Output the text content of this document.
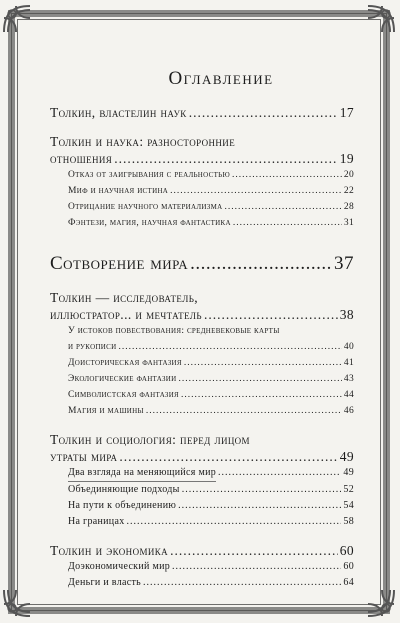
Оглавление
Толкин, властелин наук .....	17
Толкин и наука: разносторонние
отношения .....	19
Отказ от заигрывания с реальностью .....	20
Миф и научная истина .....	22
Отрицание научного материализма .....	28
Фэнтези, магия, научная фантастика .....	31
Сотворение мира .....	37
Толкин — исследователь,
иллюстратор... и мечтатель .....	38
У истоков повествования: средневековые карты
и рукописи .....	40
Доисторическая фантазия .....	41
Экологические фантазии .....	43
Символистская фантазия .....	44
Магия и машины .....	46
Толкин и социология: перед лицом
утраты мира .....	49
Два взгляда на меняющийся мир .....	49
Объединяющие подходы .....	52
На пути к объединению .....	54
На границах .....	58
Толкин и экономика .....	60
Доэкономический мир .....	60
Деньги и власть .....	64
